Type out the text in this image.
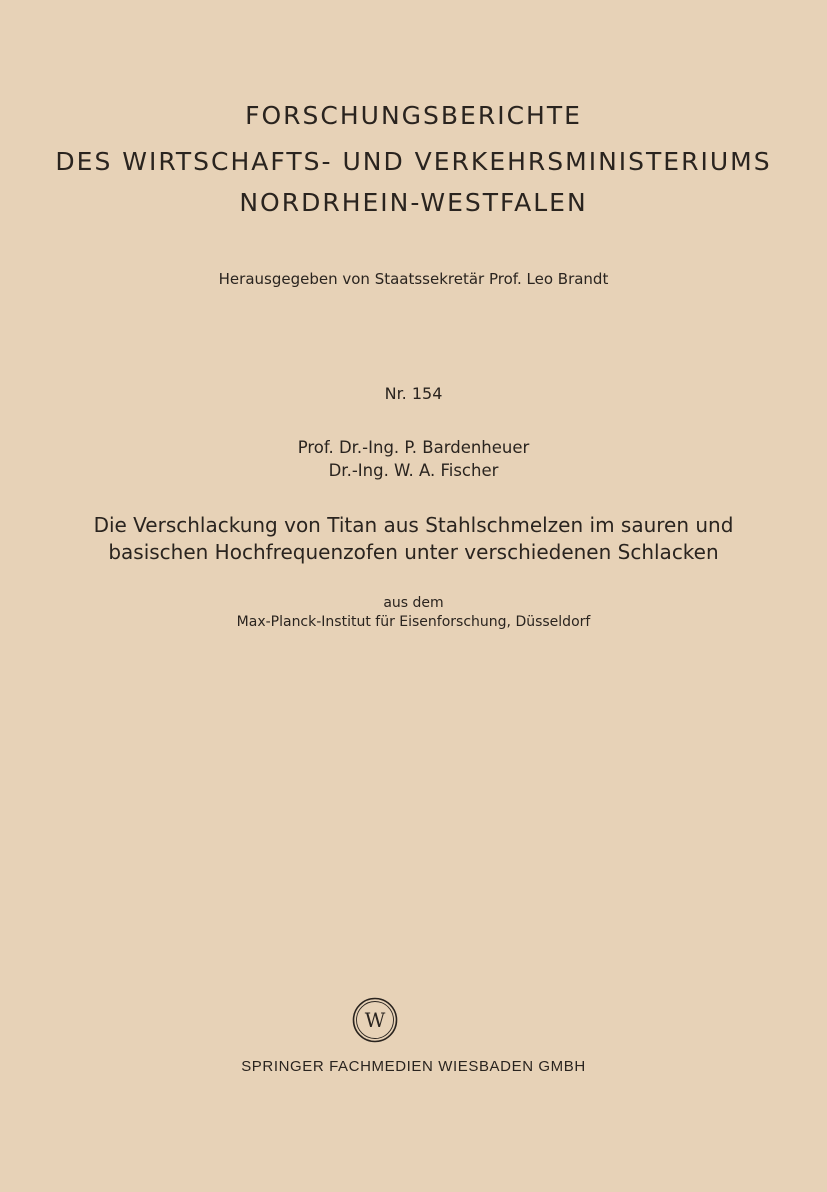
FORSCHUNGSBERICHTE
DES WIRTSCHAFTS- UND VERKEHRSMINISTERIUMS
NORDRHEIN-WESTFALEN
Herausgegeben von Staatssekretär Prof. Leo Brandt
Nr. 154
Prof. Dr.-Ing. P. Bardenheuer
Dr.-Ing. W. A. Fischer
Die Verschlackung von Titan aus Stahlschmelzen im sauren und
basischen Hochfrequenzofen unter verschiedenen Schlacken
aus dem
Max-Planck-Institut für Eisenforschung, Düsseldorf
W
SPRINGER FACHMEDIEN WIESBADEN GMBH
